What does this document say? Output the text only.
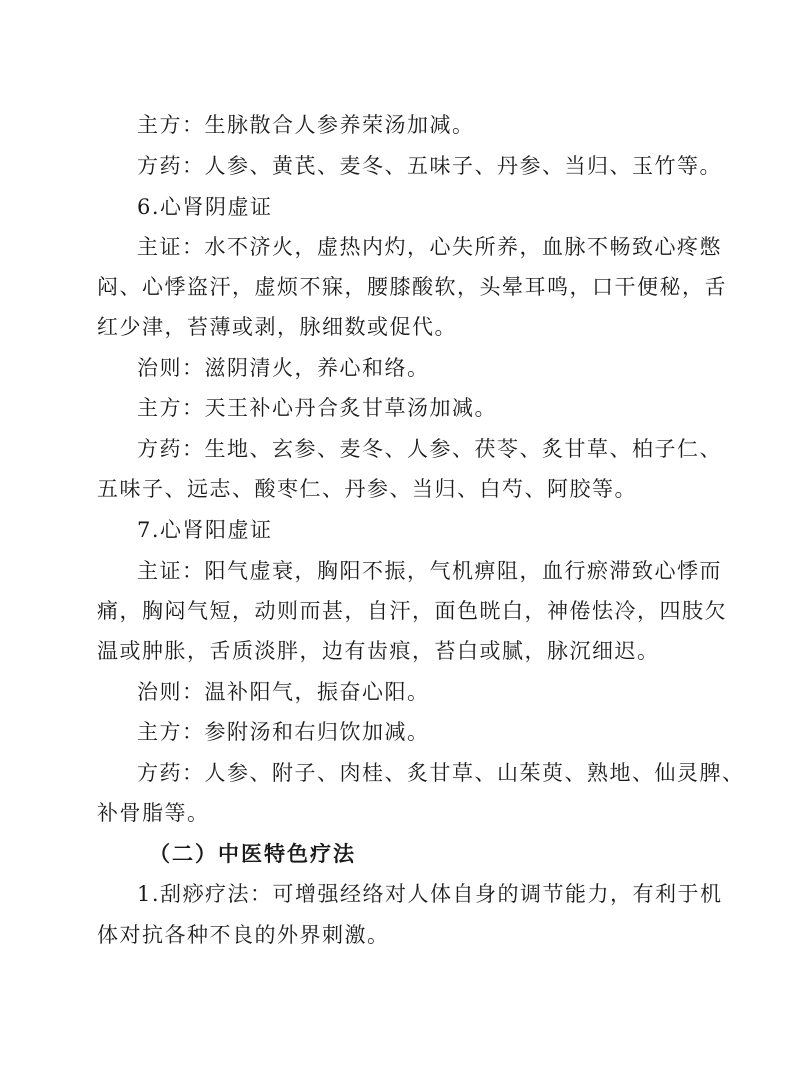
主方：生脉散合人参养荣汤加减。

方药：人参、黄芪、麦冬、五味子、丹参、当归、玉竹等。

6.心肾阴虚证

主证：水不济火，虚热内灼，心失所养，血脉不畅致心疼憋

闷、心悸盗汗，虚烦不寐，腰膝酸软，头晕耳鸣，口干便秘，舌

红少津，苔薄或剥，脉细数或促代。

治则：滋阴清火，养心和络。

主方：天王补心丹合炙甘草汤加减。

方药：生地、玄参、麦冬、人参、茯苓、炙甘草、柏子仁、

五味子、远志、酸枣仁、丹参、当归、白芍、阿胶等。

7.心肾阳虚证

主证：阳气虚衰，胸阳不振，气机痹阻，血行瘀滞致心悸而

痛，胸闷气短，动则而甚，自汗，面色晄白，神倦怯冷，四肢欠

温或肿胀，舌质淡胖，边有齿痕，苔白或腻，脉沉细迟。

治则：温补阳气，振奋心阳。

主方：参附汤和右归饮加减。

方药：人参、附子、肉桂、炙甘草、山茱萸、熟地、仙灵脾、

补骨脂等。

（二）中医特色疗法

1.刮痧疗法：可增强经络对人体自身的调节能力，有利于机

体对抗各种不良的外界刺激。
